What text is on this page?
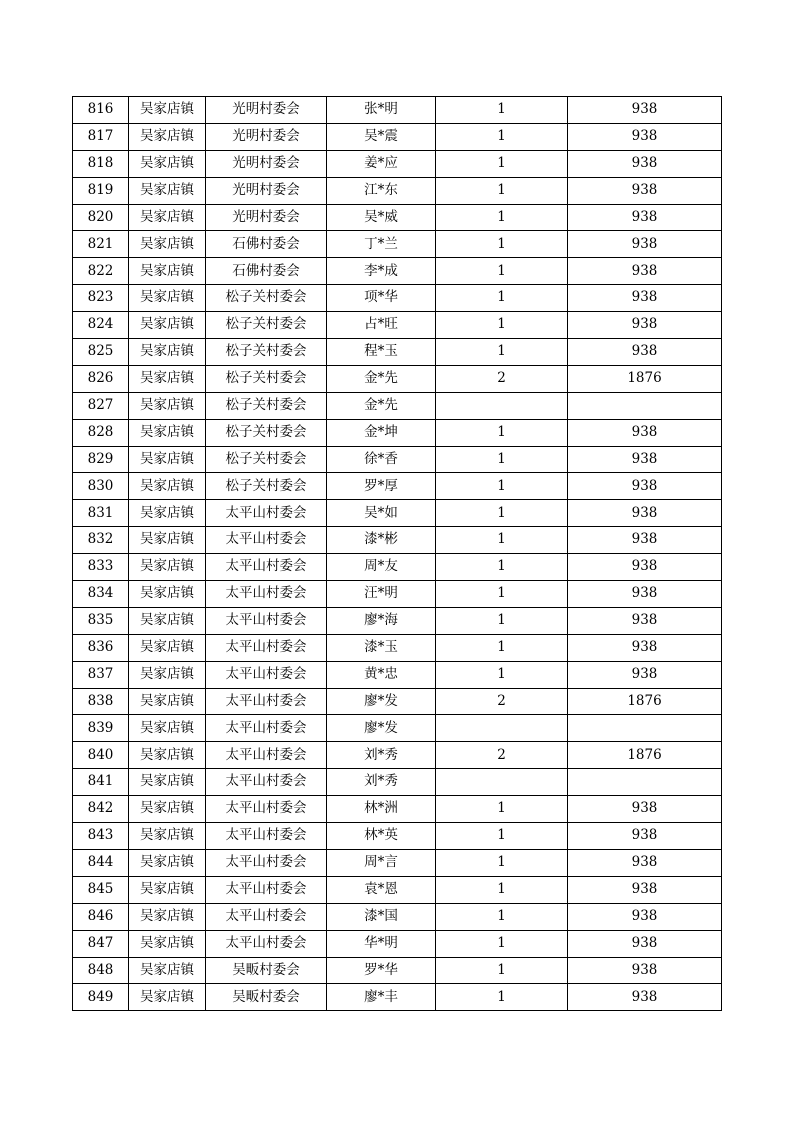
816	吴家店镇	光明村委会	张*明	1	938
817	吴家店镇	光明村委会	吴*震	1	938
818	吴家店镇	光明村委会	姜*应	1	938
819	吴家店镇	光明村委会	江*东	1	938
820	吴家店镇	光明村委会	吴*威	1	938
821	吴家店镇	石佛村委会	丁*兰	1	938
822	吴家店镇	石佛村委会	李*成	1	938
823	吴家店镇	松子关村委会	项*华	1	938
824	吴家店镇	松子关村委会	占*旺	1	938
825	吴家店镇	松子关村委会	程*玉	1	938
826	吴家店镇	松子关村委会	金*先	2	1876
827	吴家店镇	松子关村委会	金*先		
828	吴家店镇	松子关村委会	金*坤	1	938
829	吴家店镇	松子关村委会	徐*香	1	938
830	吴家店镇	松子关村委会	罗*厚	1	938
831	吴家店镇	太平山村委会	吴*如	1	938
832	吴家店镇	太平山村委会	漆*彬	1	938
833	吴家店镇	太平山村委会	周*友	1	938
834	吴家店镇	太平山村委会	汪*明	1	938
835	吴家店镇	太平山村委会	廖*海	1	938
836	吴家店镇	太平山村委会	漆*玉	1	938
837	吴家店镇	太平山村委会	黄*忠	1	938
838	吴家店镇	太平山村委会	廖*发	2	1876
839	吴家店镇	太平山村委会	廖*发		
840	吴家店镇	太平山村委会	刘*秀	2	1876
841	吴家店镇	太平山村委会	刘*秀		
842	吴家店镇	太平山村委会	林*洲	1	938
843	吴家店镇	太平山村委会	林*英	1	938
844	吴家店镇	太平山村委会	周*言	1	938
845	吴家店镇	太平山村委会	袁*恩	1	938
846	吴家店镇	太平山村委会	漆*国	1	938
847	吴家店镇	太平山村委会	华*明	1	938
848	吴家店镇	吴畈村委会	罗*华	1	938
849	吴家店镇	吴畈村委会	廖*丰	1	938
